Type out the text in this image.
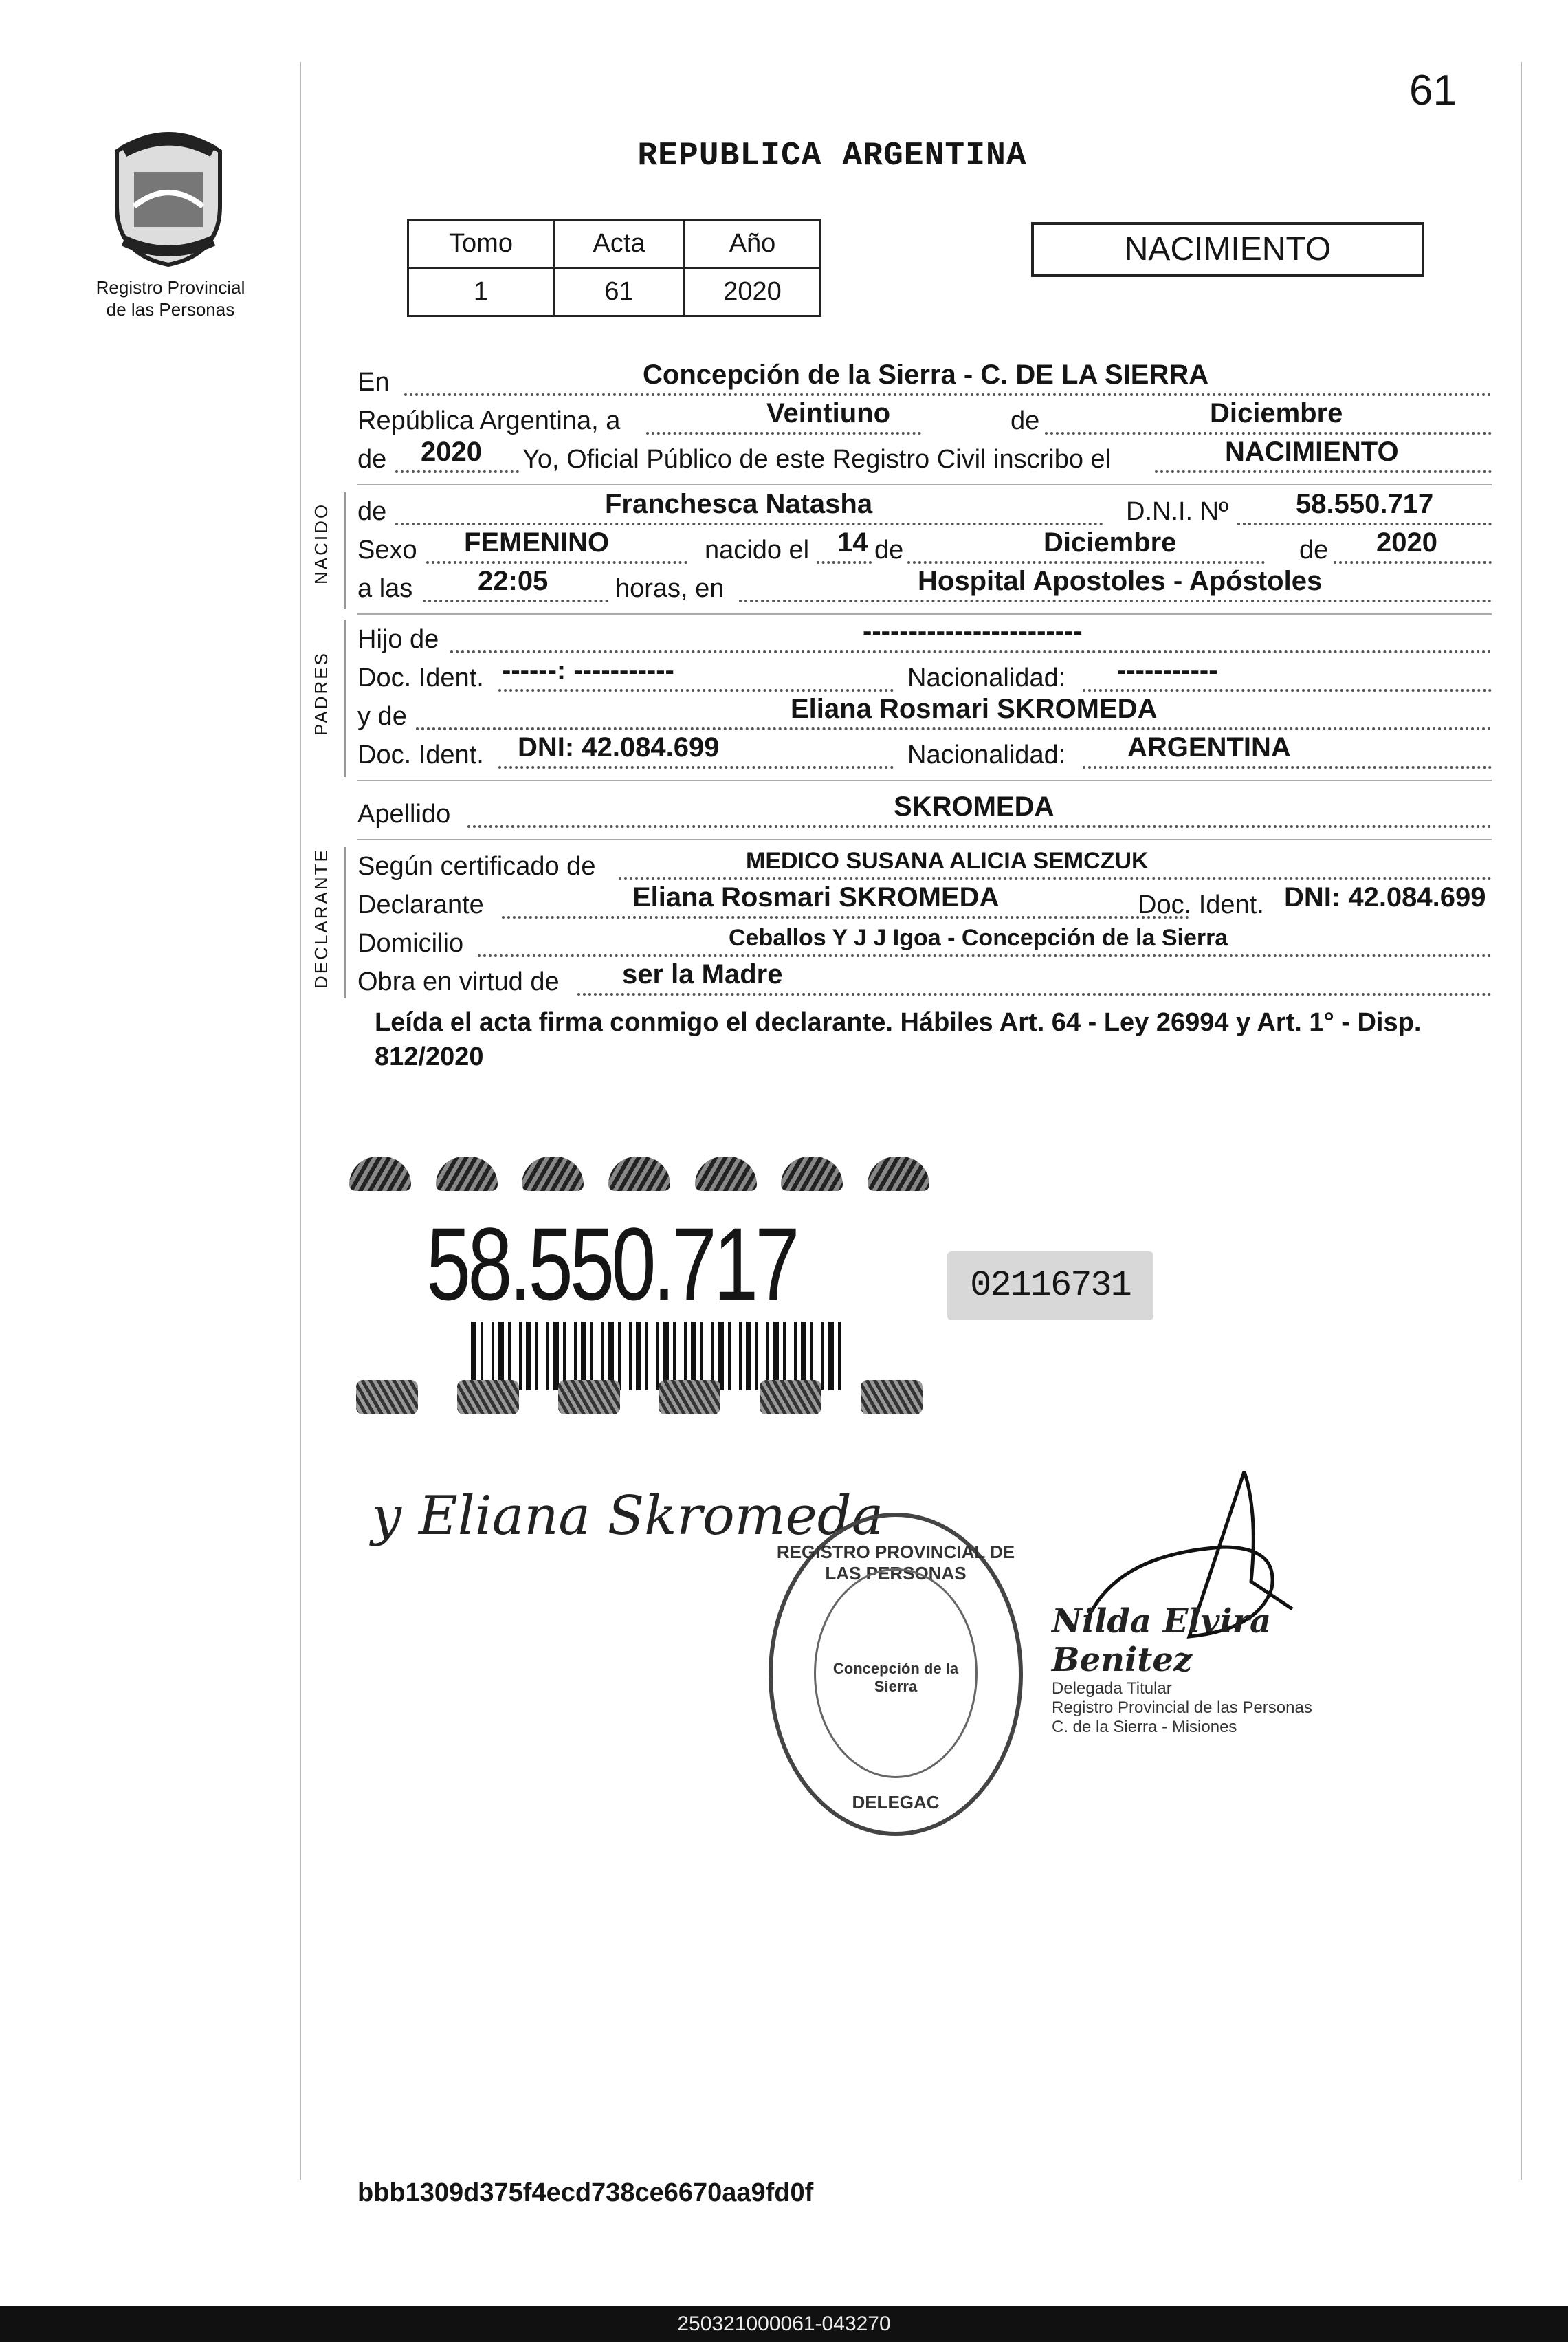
61
Registro Provincial
de las Personas
REPUBLICA ARGENTINA
Tomo	Acta	Año
1	61	2020
NACIMIENTO
En	Concepción de la Sierra - C. DE LA SIERRA
República Argentina, a	Veintiuno	de	Diciembre
de 2020 Yo, Oficial Público de este Registro Civil inscribo el	NACIMIENTO
de	Franchesca Natasha	D.N.I. Nº 58.550.717
Sexo FEMENINO	nacido el 14 de	Diciembre	de 2020
a las 22:05	horas, en	Hospital Apostoles - Apóstoles
Hijo de	------------------------
Doc. Ident. ------: -----------	Nacionalidad: -----------
y de	Eliana Rosmari SKROMEDA
Doc. Ident. DNI: 42.084.699	Nacionalidad: ARGENTINA
Apellido	SKROMEDA
Según certificado de	MEDICO SUSANA ALICIA SEMCZUK
Declarante	Eliana Rosmari SKROMEDA	Doc. Ident. DNI: 42.084.699
Domicilio	Ceballos Y J J Igoa - Concepción de la Sierra
Obra en virtud de ser la Madre
NACIDO
PADRES
DECLARANTE
Leída el acta firma conmigo el declarante. Hábiles Art. 64 - Ley 26994 y Art. 1° - Disp. 812/2020
58.550.717	02116731
y Eliana Skromeda
REGISTRO PROVINCIAL DE LAS PERSONAS
DELEGAC
Concepción de la Sierra
Nilda Elvira Benitez
Delegada Titular
Registro Provincial de las Personas
C. de la Sierra - Misiones
bbb1309d375f4ecd738ce6670aa9fd0f
250321000061-043270
